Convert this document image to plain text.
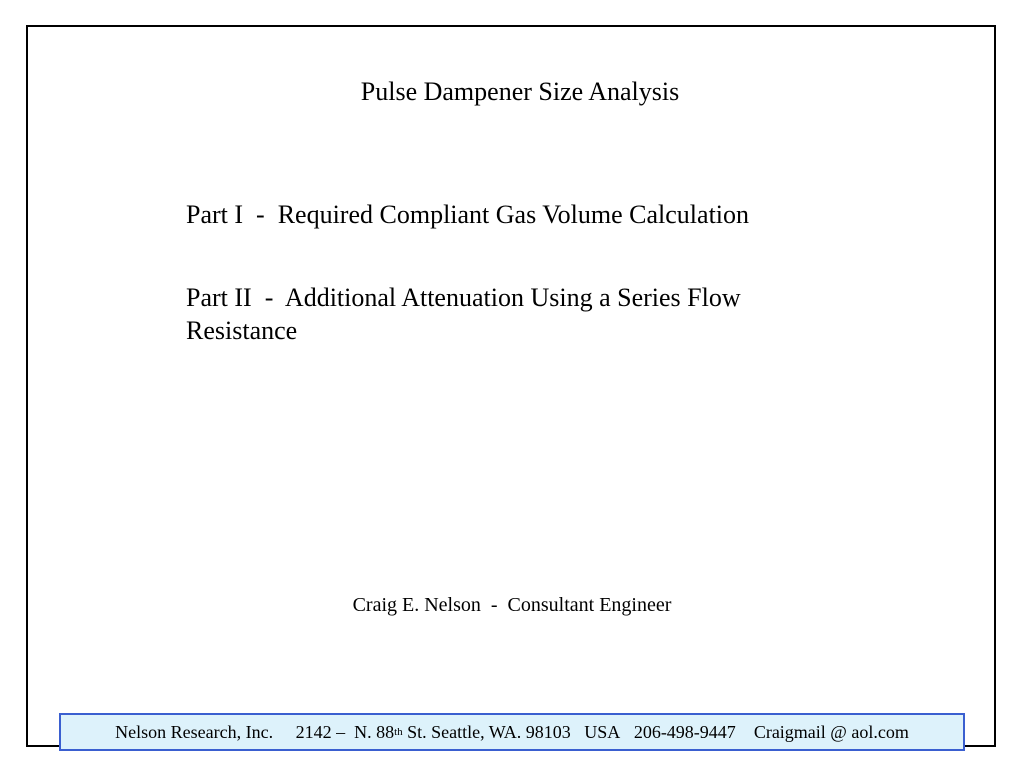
Pulse Dampener Size Analysis
Part I  -  Required Compliant Gas Volume Calculation
Part II  -  Additional Attenuation Using a Series Flow
Resistance
Craig E. Nelson  -  Consultant Engineer
Nelson Research, Inc.
2142 –  N. 88 th St. Seattle, WA. 98103   USA
206-498-9447
Craigmail @ aol.com
